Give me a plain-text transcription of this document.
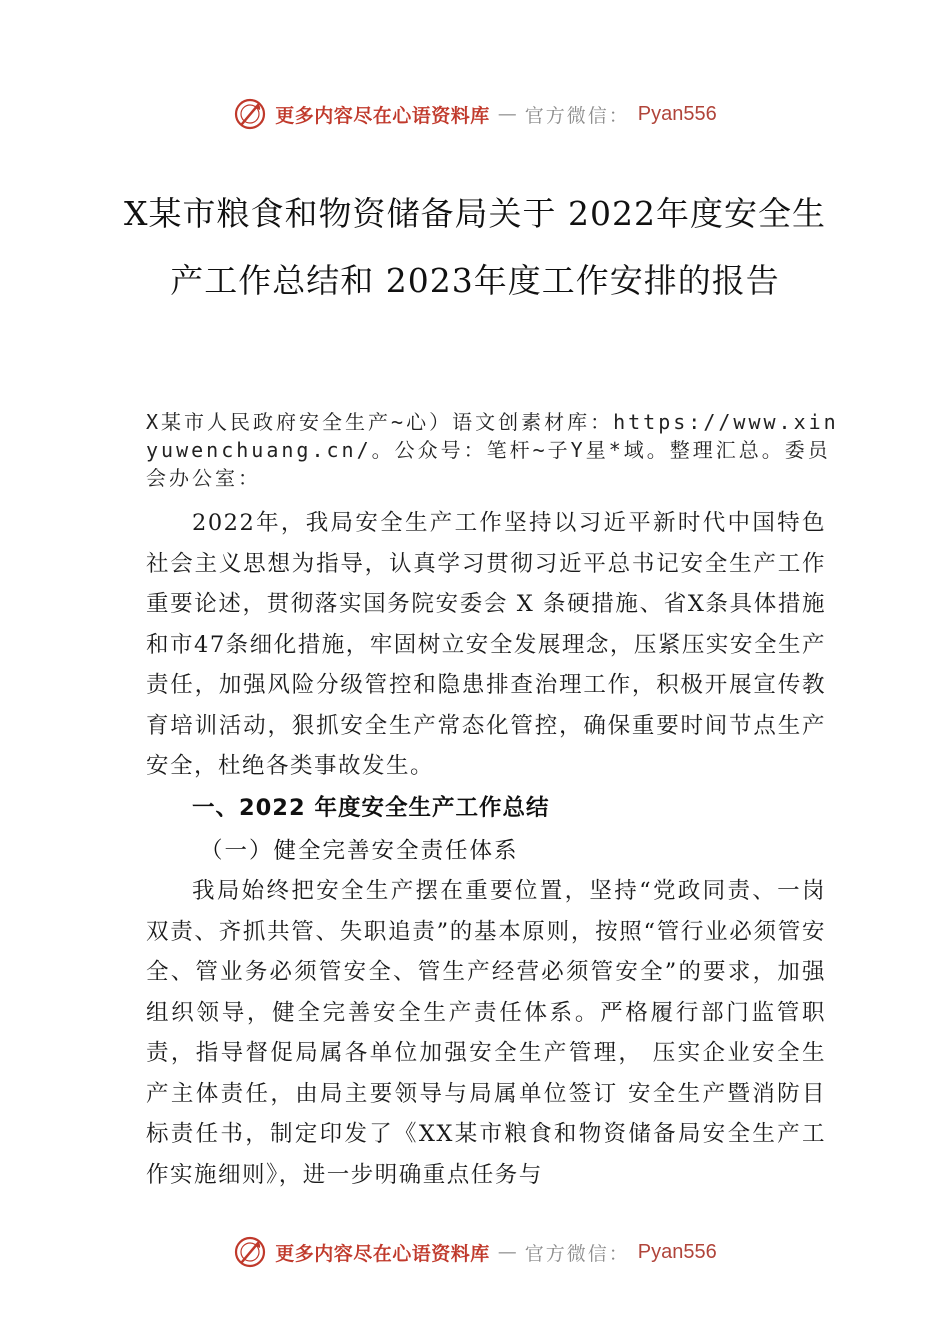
更多内容尽在心语资料库 — 官方微信： Pyan556
X某市粮食和物资储备局关于 2022年度安全生产工作总结和 2023年度工作安排的报告
X某市人民政府安全生产~心）语文创素材库：https://www.xinyuwenchuang.cn/。公众号：笔杆~子Y星*域。整理汇总。委员会办公室：
2022年，我局安全生产工作坚持以习近平新时代中国特色社会主义思想为指导，认真学习贯彻习近平总书记安全生产工作重要论述，贯彻落实国务院安委会 X 条硬措施、省X条具体措施和市47条细化措施，牢固树立安全发展理念，压紧压实安全生产责任，加强风险分级管控和隐患排查治理工作，积极开展宣传教育培训活动，狠抓安全生产常态化管控，确保重要时间节点生产安全，杜绝各类事故发生。
一、2022 年度安全生产工作总结
（一）健全完善安全责任体系
我局始终把安全生产摆在重要位置，坚持“党政同责、一岗双责、齐抓共管、失职追责”的基本原则，按照“管行业必须管安全、管业务必须管安全、管生产经营必须管安全”的要求，加强组织领导，健全完善安全生产责任体系。严格履行部门监管职责，指导督促局属各单位加强安全生产管理， 压实企业安全生产主体责任，由局主要领导与局属单位签订 安全生产暨消防目标责任书，制定印发了《XX某市粮食和物资储备局安全生产工作实施细则》，进一步明确重点任务与
更多内容尽在心语资料库 — 官方微信： Pyan556
